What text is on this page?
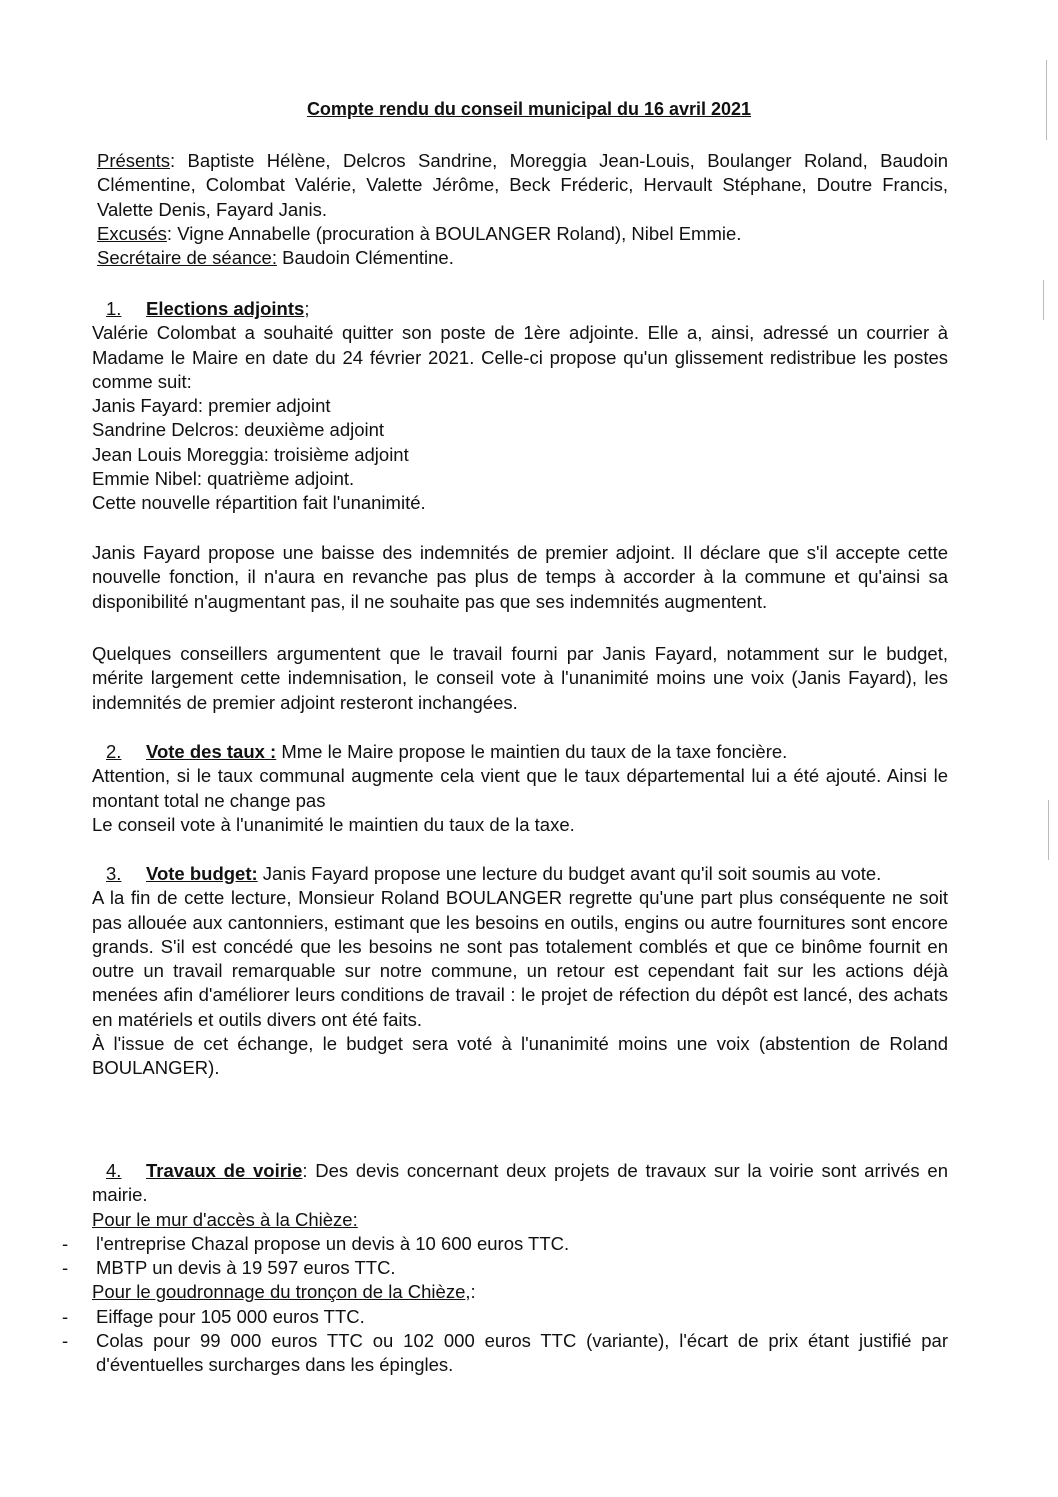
Compte rendu du conseil municipal du 16 avril 2021
Présents: Baptiste Hélène, Delcros Sandrine, Moreggia Jean-Louis, Boulanger Roland, Baudoin Clémentine, Colombat Valérie, Valette Jérôme, Beck Fréderic, Hervault Stéphane, Doutre Francis, Valette Denis, Fayard Janis.
Excusés: Vigne Annabelle (procuration à BOULANGER Roland), Nibel Emmie.
Secrétaire de séance: Baudoin Clémentine.
1. Elections adjoints;
Valérie Colombat a souhaité quitter son poste de 1ère adjointe. Elle a, ainsi, adressé un courrier à Madame le Maire en date du 24 février 2021. Celle-ci propose qu'un glissement redistribue les postes comme suit:
Janis Fayard: premier adjoint
Sandrine Delcros: deuxième adjoint
Jean Louis Moreggia: troisième adjoint
Emmie Nibel: quatrième adjoint.
Cette nouvelle répartition fait l'unanimité.
Janis Fayard propose une baisse des indemnités de premier adjoint. Il déclare que s'il accepte cette nouvelle fonction, il n'aura en revanche pas plus de temps à accorder à la commune et qu'ainsi sa disponibilité n'augmentant pas, il ne souhaite pas que ses indemnités augmentent.
Quelques conseillers argumentent que le travail fourni par Janis Fayard, notamment sur le budget, mérite largement cette indemnisation, le conseil vote à l'unanimité moins une voix (Janis Fayard), les indemnités de premier adjoint resteront inchangées.
2. Vote des taux : Mme le Maire propose le maintien du taux de la taxe foncière.
Attention, si le taux communal augmente cela vient que le taux départemental lui a été ajouté. Ainsi le montant total ne change pas
Le conseil vote à l'unanimité le maintien du taux de la taxe.
3. Vote budget: Janis Fayard propose une lecture du budget avant qu'il soit soumis au vote.
A la fin de cette lecture, Monsieur Roland BOULANGER regrette qu'une part plus conséquente ne soit pas allouée aux cantonniers, estimant que les besoins en outils, engins ou autre fournitures sont encore grands. S'il est concédé que les besoins ne sont pas totalement comblés et que ce binôme fournit en outre un travail remarquable sur notre commune, un retour est cependant fait sur les actions déjà menées afin d'améliorer leurs conditions de travail : le projet de réfection du dépôt est lancé, des achats en matériels et outils divers ont été faits.
À l'issue de cet échange, le budget sera voté à l'unanimité moins une voix (abstention de Roland BOULANGER).
4. Travaux de voirie: Des devis concernant deux projets de travaux sur la voirie sont arrivés en mairie.
Pour le mur d'accès à la Chièze:
- l'entreprise Chazal propose un devis à 10 600 euros TTC.
- MBTP un devis à 19 597 euros TTC.
Pour le goudronnage du tronçon de la Chièze,:
- Eiffage pour 105 000 euros TTC.
- Colas pour 99 000 euros TTC ou 102 000 euros TTC (variante), l'écart de prix étant justifié par d'éventuelles surcharges dans les épingles.
